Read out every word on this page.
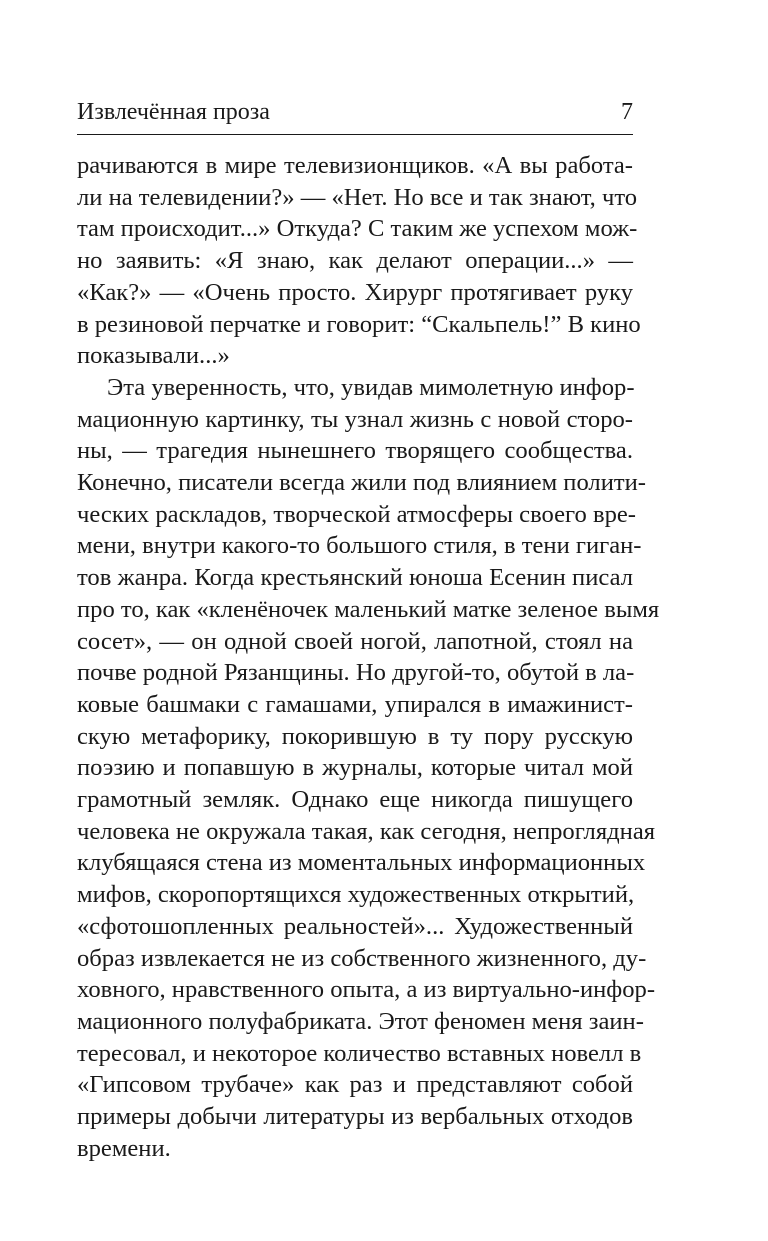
Извлечённая проза	7
рачиваются в мире телевизионщиков. «А вы работа-
ли на телевидении?» — «Нет. Но все и так знают, что
там происходит...» Откуда? С таким же успехом мож-
но заявить: «Я знаю, как делают операции...» —
«Как?» — «Очень просто. Хирург протягивает руку
в резиновой перчатке и говорит: “Скальпель!” В кино
показывали...»
Эта уверенность, что, увидав мимолетную инфор-
мационную картинку, ты узнал жизнь с новой сторо-
ны, — трагедия нынешнего творящего сообщества.
Конечно, писатели всегда жили под влиянием полити-
ческих раскладов, творческой атмосферы своего вре-
мени, внутри какого-то большого стиля, в тени гиган-
тов жанра. Когда крестьянский юноша Есенин писал
про то, как «кленёночек маленький матке зеленое вымя
сосет», — он одной своей ногой, лапотной, стоял на
почве родной Рязанщины. Но другой-то, обутой в ла-
ковые башмаки с гамашами, упирался в имажинист-
скую метафорику, покорившую в ту пору русскую
поэзию и попавшую в журналы, которые читал мой
грамотный земляк. Однако еще никогда пишущего
человека не окружала такая, как сегодня, непроглядная
клубящаяся стена из моментальных информационных
мифов, скоропортящихся художественных открытий,
«сфотошопленных реальностей»... Художественный
образ извлекается не из собственного жизненного, ду-
ховного, нравственного опыта, а из виртуально-инфор-
мационного полуфабриката. Этот феномен меня заин-
тересовал, и некоторое количество вставных новелл в
«Гипсовом трубаче» как раз и представляют собой
примеры добычи литературы из вербальных отходов
времени.
